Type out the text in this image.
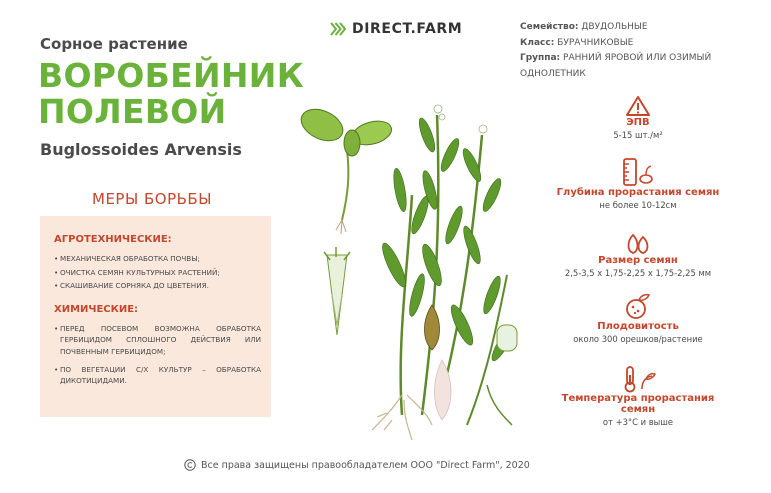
Сорное растение
ВОРОБЕЙНИК
ПОЛЕВОЙ
Buglossoides Arvensis
МЕРЫ БОРЬБЫ
АГРОТЕХНИЧЕСКИЕ:
• МЕХАНИЧЕСКАЯ ОБРАБОТКА ПОЧВЫ;
• ОЧИСТКА СЕМЯН КУЛЬТУРНЫХ РАСТЕНИЙ;
• СКАШИВАНИЕ СОРНЯКА ДО ЦВЕТЕНИЯ.
ХИМИЧЕСКИЕ:
• ПЕРЕД ПОСЕВОМ ВОЗМОЖНА ОБРАБОТКА ГЕРБИЦИДОМ СПЛОШНОГО ДЕЙСТВИЯ ИЛИ ПОЧВЕННЫМ ГЕРБИЦИДОМ;
• ПО ВЕГЕТАЦИИ С/Х КУЛЬТУР – ОБРАБОТКА ДИКОТИЦИДАМИ.
DIRECT.FARM	Семейство: ДВУДОЛЬНЫЕ
Класс: БУРАЧНИКОВЫЕ
Группа: РАННИЙ ЯРОВОЙ ИЛИ ОЗИМЫЙ ОДНОЛЕТНИК
ЭПВ
5-15 шт./м²
Глубина прорастания семян
не более 10-12см
Размер семян
2,5-3,5 х 1,75-2,25 х 1,75-2,25 мм
Плодовитость
около 300 орешков/растение
Температура прорастания семян
от +3°С и выше
Все права защищены правообладателем ООО "Direct Farm", 2020
